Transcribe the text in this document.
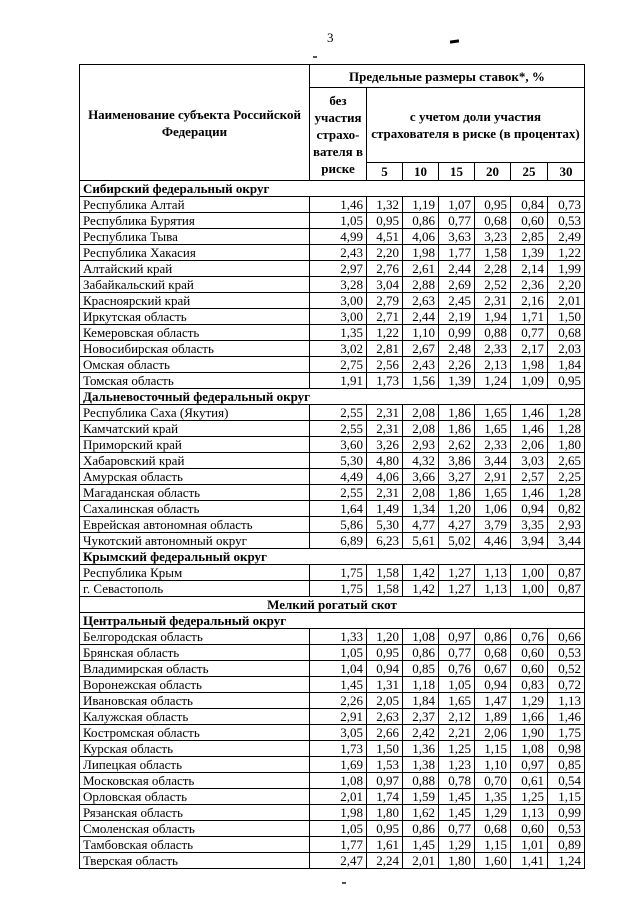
3
Наименование субъекта Российской Федерации	Предельные размеры ставок*, %						
	без участия страхо-вателя в риске	с учетом доли участия страхователя в риске (в процентах)					
		5	10	15	20	25	30
Сибирский федеральный округ							
Республика Алтай	1,46	1,32	1,19	1,07	0,95	0,84	0,73
Республика Бурятия	1,05	0,95	0,86	0,77	0,68	0,60	0,53
Республика Тыва	4,99	4,51	4,06	3,63	3,23	2,85	2,49
Республика Хакасия	2,43	2,20	1,98	1,77	1,58	1,39	1,22
Алтайский край	2,97	2,76	2,61	2,44	2,28	2,14	1,99
Забайкальский край	3,28	3,04	2,88	2,69	2,52	2,36	2,20
Красноярский край	3,00	2,79	2,63	2,45	2,31	2,16	2,01
Иркутская область	3,00	2,71	2,44	2,19	1,94	1,71	1,50
Кемеровская область	1,35	1,22	1,10	0,99	0,88	0,77	0,68
Новосибирская область	3,02	2,81	2,67	2,48	2,33	2,17	2,03
Омская область	2,75	2,56	2,43	2,26	2,13	1,98	1,84
Томская область	1,91	1,73	1,56	1,39	1,24	1,09	0,95
Дальневосточный федеральный округ							
Республика Саха (Якутия)	2,55	2,31	2,08	1,86	1,65	1,46	1,28
Камчатский край	2,55	2,31	2,08	1,86	1,65	1,46	1,28
Приморский край	3,60	3,26	2,93	2,62	2,33	2,06	1,80
Хабаровский край	5,30	4,80	4,32	3,86	3,44	3,03	2,65
Амурская область	4,49	4,06	3,66	3,27	2,91	2,57	2,25
Магаданская область	2,55	2,31	2,08	1,86	1,65	1,46	1,28
Сахалинская область	1,64	1,49	1,34	1,20	1,06	0,94	0,82
Еврейская автономная область	5,86	5,30	4,77	4,27	3,79	3,35	2,93
Чукотский автономный округ	6,89	6,23	5,61	5,02	4,46	3,94	3,44
Крымский федеральный округ							
Республика Крым	1,75	1,58	1,42	1,27	1,13	1,00	0,87
г. Севастополь	1,75	1,58	1,42	1,27	1,13	1,00	0,87
Мелкий рогатый скот							
Центральный федеральный округ							
Белгородская область	1,33	1,20	1,08	0,97	0,86	0,76	0,66
Брянская область	1,05	0,95	0,86	0,77	0,68	0,60	0,53
Владимирская область	1,04	0,94	0,85	0,76	0,67	0,60	0,52
Воронежская область	1,45	1,31	1,18	1,05	0,94	0,83	0,72
Ивановская область	2,26	2,05	1,84	1,65	1,47	1,29	1,13
Калужская область	2,91	2,63	2,37	2,12	1,89	1,66	1,46
Костромская область	3,05	2,66	2,42	2,21	2,06	1,90	1,75
Курская область	1,73	1,50	1,36	1,25	1,15	1,08	0,98
Липецкая область	1,69	1,53	1,38	1,23	1,10	0,97	0,85
Московская область	1,08	0,97	0,88	0,78	0,70	0,61	0,54
Орловская область	2,01	1,74	1,59	1,45	1,35	1,25	1,15
Рязанская область	1,98	1,80	1,62	1,45	1,29	1,13	0,99
Смоленская область	1,05	0,95	0,86	0,77	0,68	0,60	0,53
Тамбовская область	1,77	1,61	1,45	1,29	1,15	1,01	0,89
Тверская область	2,47	2,24	2,01	1,80	1,60	1,41	1,24
